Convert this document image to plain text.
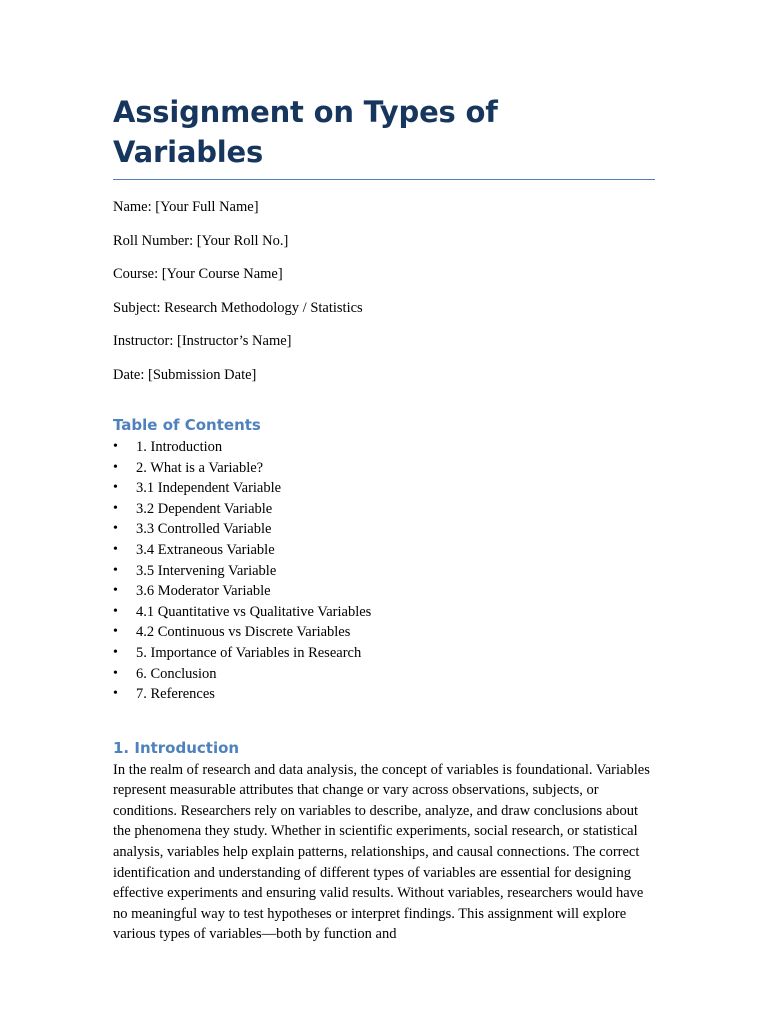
Assignment on Types of Variables

Name: [Your Full Name]

Roll Number: [Your Roll No.]

Course: [Your Course Name]

Subject: Research Methodology / Statistics

Instructor: [Instructor’s Name]

Date: [Submission Date]

Table of Contents
• 1. Introduction
• 2. What is a Variable?
• 3.1 Independent Variable
• 3.2 Dependent Variable
• 3.3 Controlled Variable
• 3.4 Extraneous Variable
• 3.5 Intervening Variable
• 3.6 Moderator Variable
• 4.1 Quantitative vs Qualitative Variables
• 4.2 Continuous vs Discrete Variables
• 5. Importance of Variables in Research
• 6. Conclusion
• 7. References
1. Introduction

In the realm of research and data analysis, the concept of variables is foundational. Variables represent measurable attributes that change or vary across observations, subjects, or conditions. Researchers rely on variables to describe, analyze, and draw conclusions about the phenomena they study. Whether in scientific experiments, social research, or statistical analysis, variables help explain patterns, relationships, and causal connections. The correct identification and understanding of different types of variables are essential for designing effective experiments and ensuring valid results. Without variables, researchers would have no meaningful way to test hypotheses or interpret findings. This assignment will explore various types of variables—both by function and
